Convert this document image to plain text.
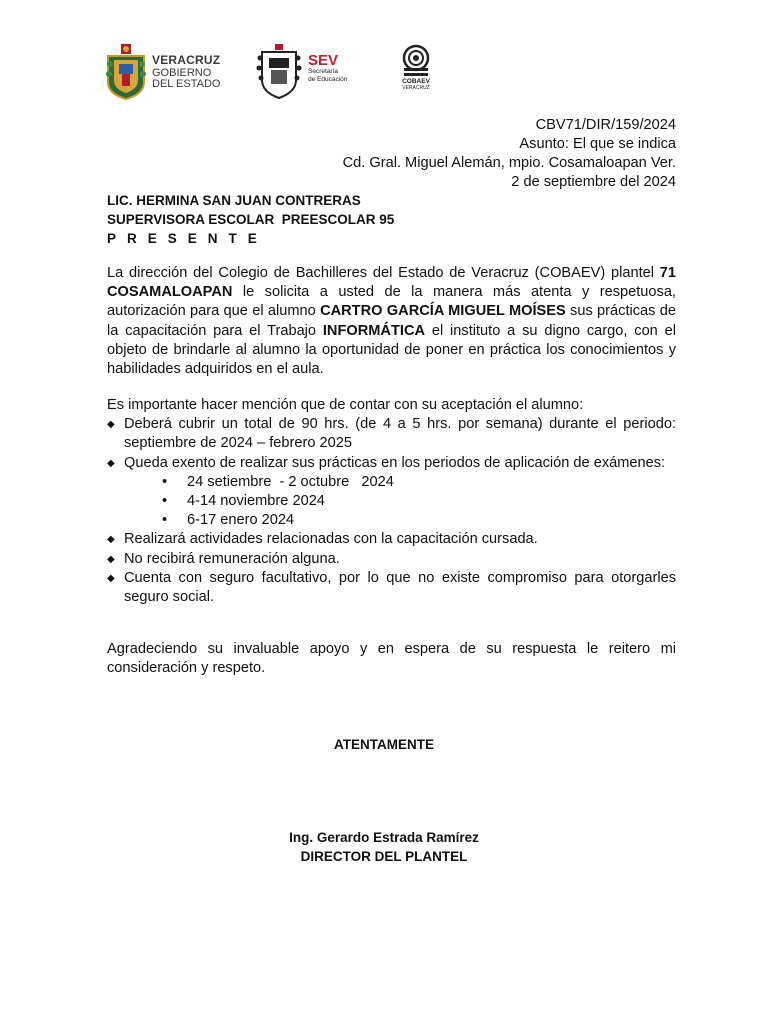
VERACRUZ
GOBIERNO
DEL ESTADO
SEV
Secretaría
de Educación	COBAEV
VERACRUZ
CBV71/DIR/159/2024
Asunto: El que se indica
Cd. Gral. Miguel Alemán, mpio. Cosamaloapan Ver.
2 de septiembre del 2024
LIC. HERMINA SAN JUAN CONTRERAS
SUPERVISORA ESCOLAR  PREESCOLAR 95
PRESENTE
La dirección del Colegio de Bachilleres del Estado de Veracruz (COBAEV) plantel 71 COSAMALOAPAN le solicita a usted de la manera más atenta y respetuosa, autorización para que el alumno CARTRO GARCÍA MIGUEL MOÍSES sus prácticas de la capacitación para el Trabajo INFORMÁTICA el instituto a su digno cargo, con el objeto de brindarle al alumno la oportunidad de poner en práctica los conocimientos y habilidades adquiridos en el aula.
Es importante hacer mención que de contar con su aceptación el alumno:
◆ Deberá cubrir un total de 90 hrs. (de 4 a 5 hrs. por semana) durante el periodo: septiembre de 2024 – febrero 2025
◆ Queda exento de realizar sus prácticas en los periodos de aplicación de exámenes:
• 24 setiembre  - 2 octubre   2024
• 4-14 noviembre 2024
• 6-17 enero 2024
◆ Realizará actividades relacionadas con la capacitación cursada.
◆ No recibirá remuneración alguna.
◆ Cuenta con seguro facultativo, por lo que no existe compromiso para otorgarles seguro social.
Agradeciendo su invaluable apoyo y en espera de su respuesta le reitero mi consideración y respeto.
ATENTAMENTE
Ing. Gerardo Estrada Ramírez
DIRECTOR DEL PLANTEL
